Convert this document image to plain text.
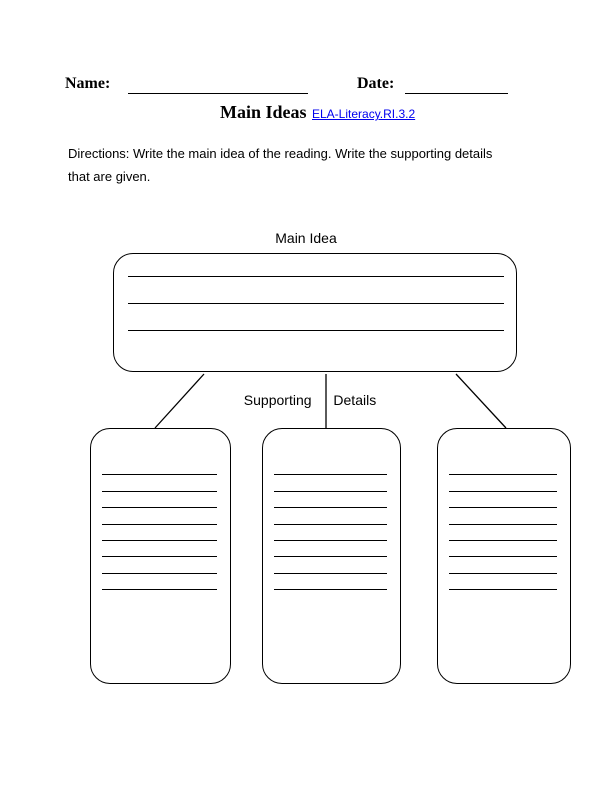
Name:	Date:
Main Ideas ELA-Literacy.RI.3.2
Directions: Write the main idea of the reading. Write the supporting details that are given.
Main Idea
Supporting Details
